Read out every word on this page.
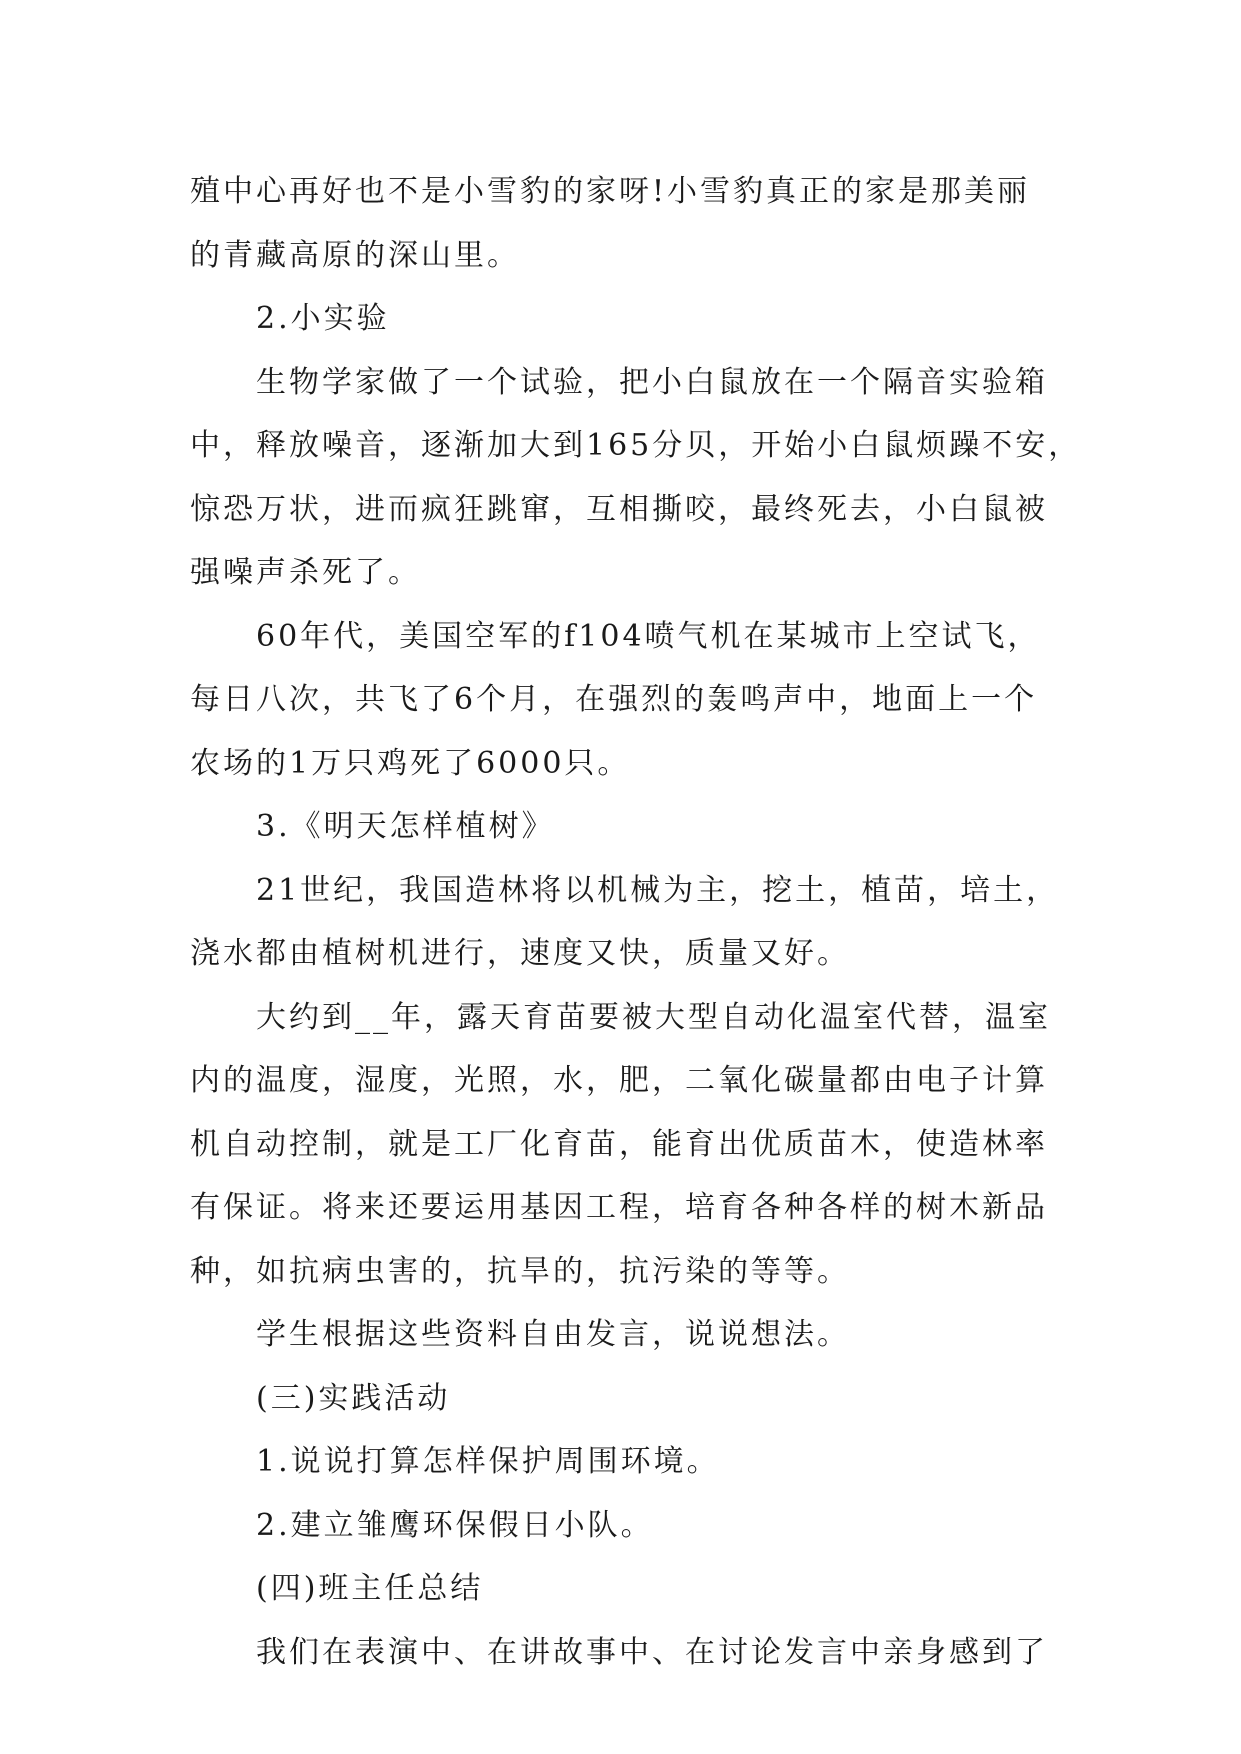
殖中心再好也不是小雪豹的家呀!小雪豹真正的家是那美丽

的青藏高原的深山里。

2.小实验

生物学家做了一个试验，把小白鼠放在一个隔音实验箱

中，释放噪音，逐渐加大到165分贝，开始小白鼠烦躁不安，

惊恐万状，进而疯狂跳窜，互相撕咬，最终死去，小白鼠被

强噪声杀死了。

60年代，美国空军的f104喷气机在某城市上空试飞，

每日八次，共飞了6个月，在强烈的轰鸣声中，地面上一个

农场的1万只鸡死了6000只。

3.《明天怎样植树》

21世纪，我国造林将以机械为主，挖土，植苗，培土，

浇水都由植树机进行，速度又快，质量又好。

大约到__年，露天育苗要被大型自动化温室代替，温室

内的温度，湿度，光照，水，肥，二氧化碳量都由电子计算

机自动控制，就是工厂化育苗，能育出优质苗木，使造林率

有保证。将来还要运用基因工程，培育各种各样的树木新品

种，如抗病虫害的，抗旱的，抗污染的等等。

学生根据这些资料自由发言，说说想法。

(三)实践活动

1.说说打算怎样保护周围环境。

2.建立雏鹰环保假日小队。

(四)班主任总结

我们在表演中、在讲故事中、在讨论发言中亲身感到了
